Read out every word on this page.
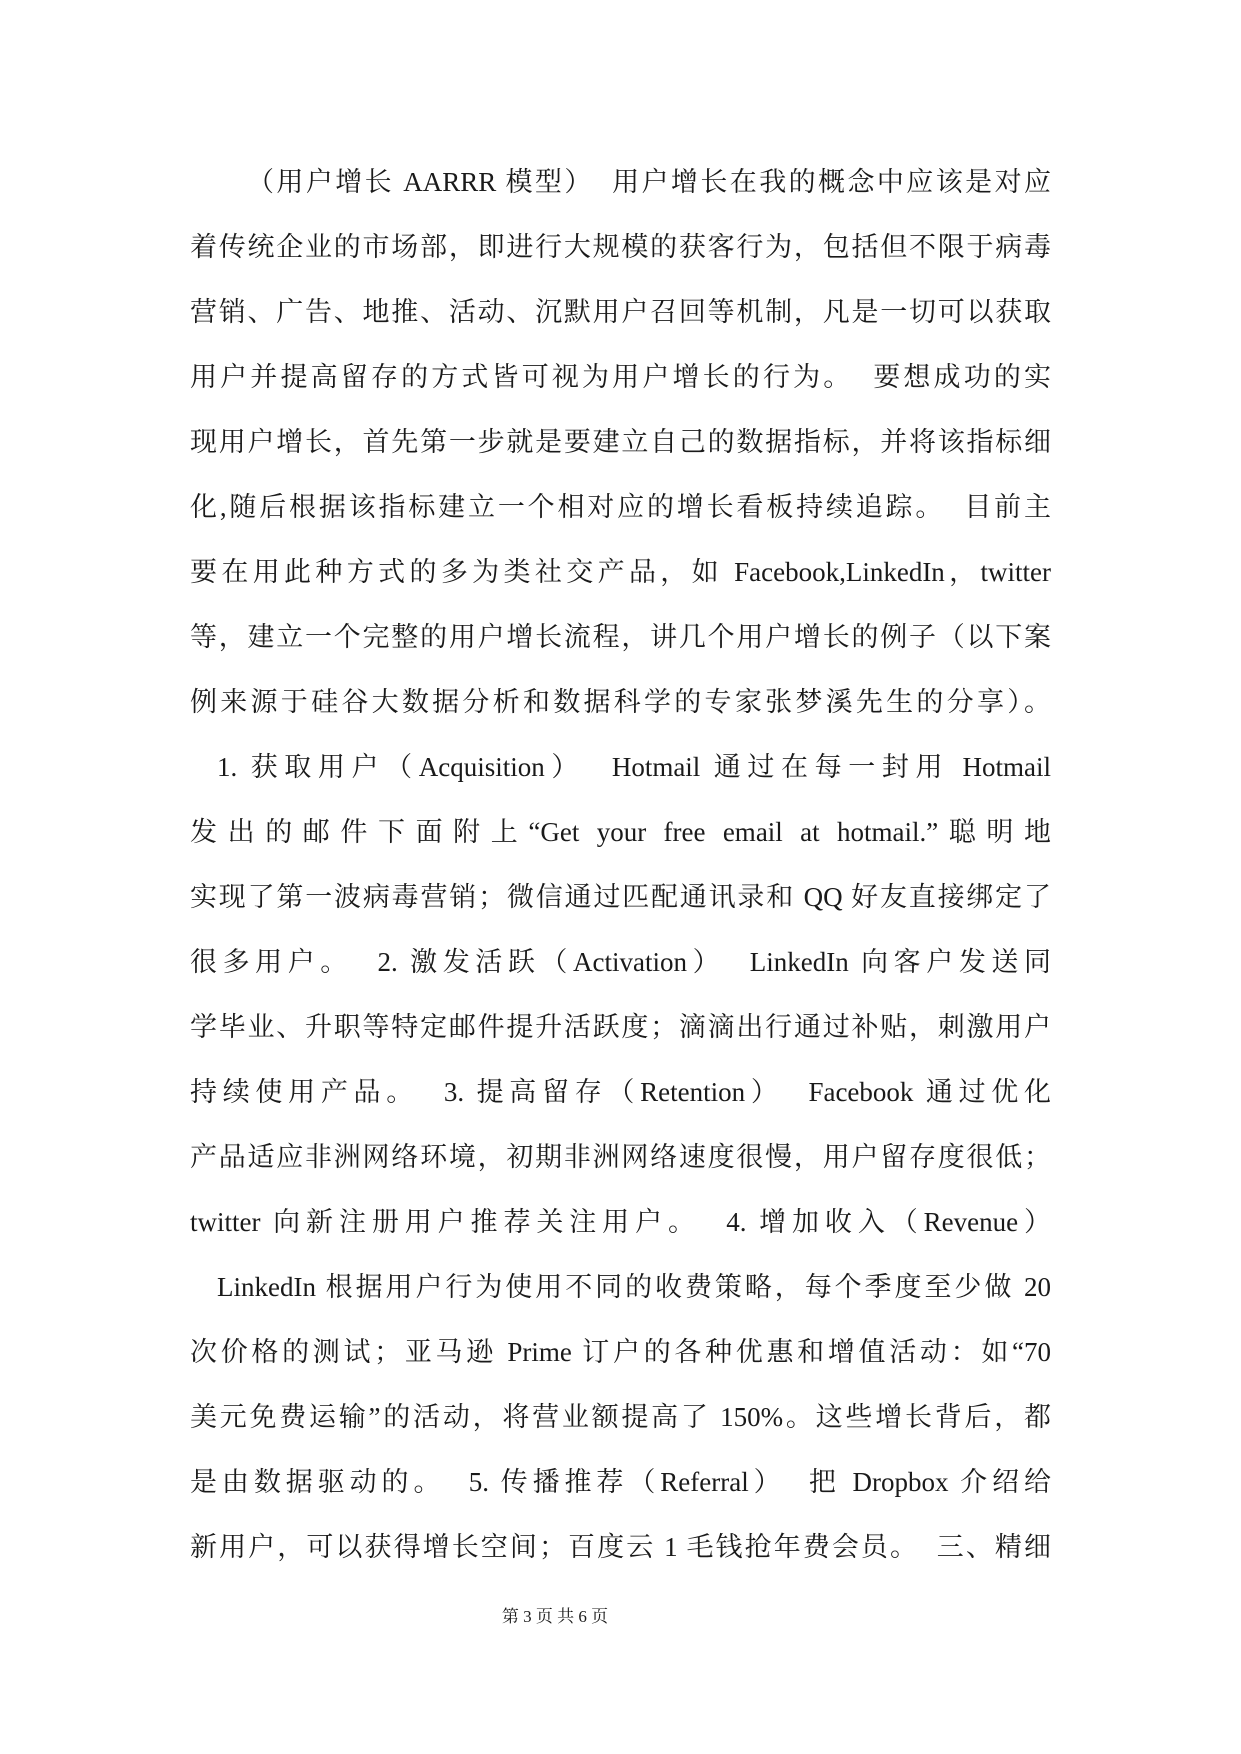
（用户增长 AARRR 模型）  用户增长在我的概念中应该是对应
着传统企业的市场部，即进行大规模的获客行为，包括但不限于病毒
营销、广告、地推、活动、沉默用户召回等机制，凡是一切可以获取
用户并提高留存的方式皆可视为用户增长的行为。  要想成功的实
现用户增长，首先第一步就是要建立自己的数据指标，并将该指标细
化,随后根据该指标建立一个相对应的增长看板持续追踪。  目前主
要在用此种方式的多为类社交产品，如 Facebook,LinkedIn，twitter
等，建立一个完整的用户增长流程，讲几个用户增长的例子（以下案
例来源于硅谷大数据分析和数据科学的专家张梦溪先生的分享）。
1. 获取用户（Acquisition）  Hotmail 通过在每一封用 Hotmail
发出的邮件下面附上“Get your free email at hotmail.”聪明地
实现了第一波病毒营销；微信通过匹配通讯录和 QQ 好友直接绑定了
很多用户。  2. 激发活跃（Activation）  LinkedIn 向客户发送同
学毕业、升职等特定邮件提升活跃度；滴滴出行通过补贴，刺激用户
持续使用产品。  3. 提高留存（Retention）  Facebook 通过优化
产品适应非洲网络环境，初期非洲网络速度很慢，用户留存度很低；
twitter 向新注册用户推荐关注用户。  4. 增加收入（Revenue）
LinkedIn 根据用户行为使用不同的收费策略，每个季度至少做 20
次价格的测试；亚马逊 Prime 订户的各种优惠和增值活动：如“70
美元免费运输”的活动，将营业额提高了 150%。这些增长背后，都
是由数据驱动的。  5. 传播推荐（Referral）  把 Dropbox 介绍给
新用户，可以获得增长空间；百度云 1 毛钱抢年费会员。  三、精细
第 3 页 共 6 页
